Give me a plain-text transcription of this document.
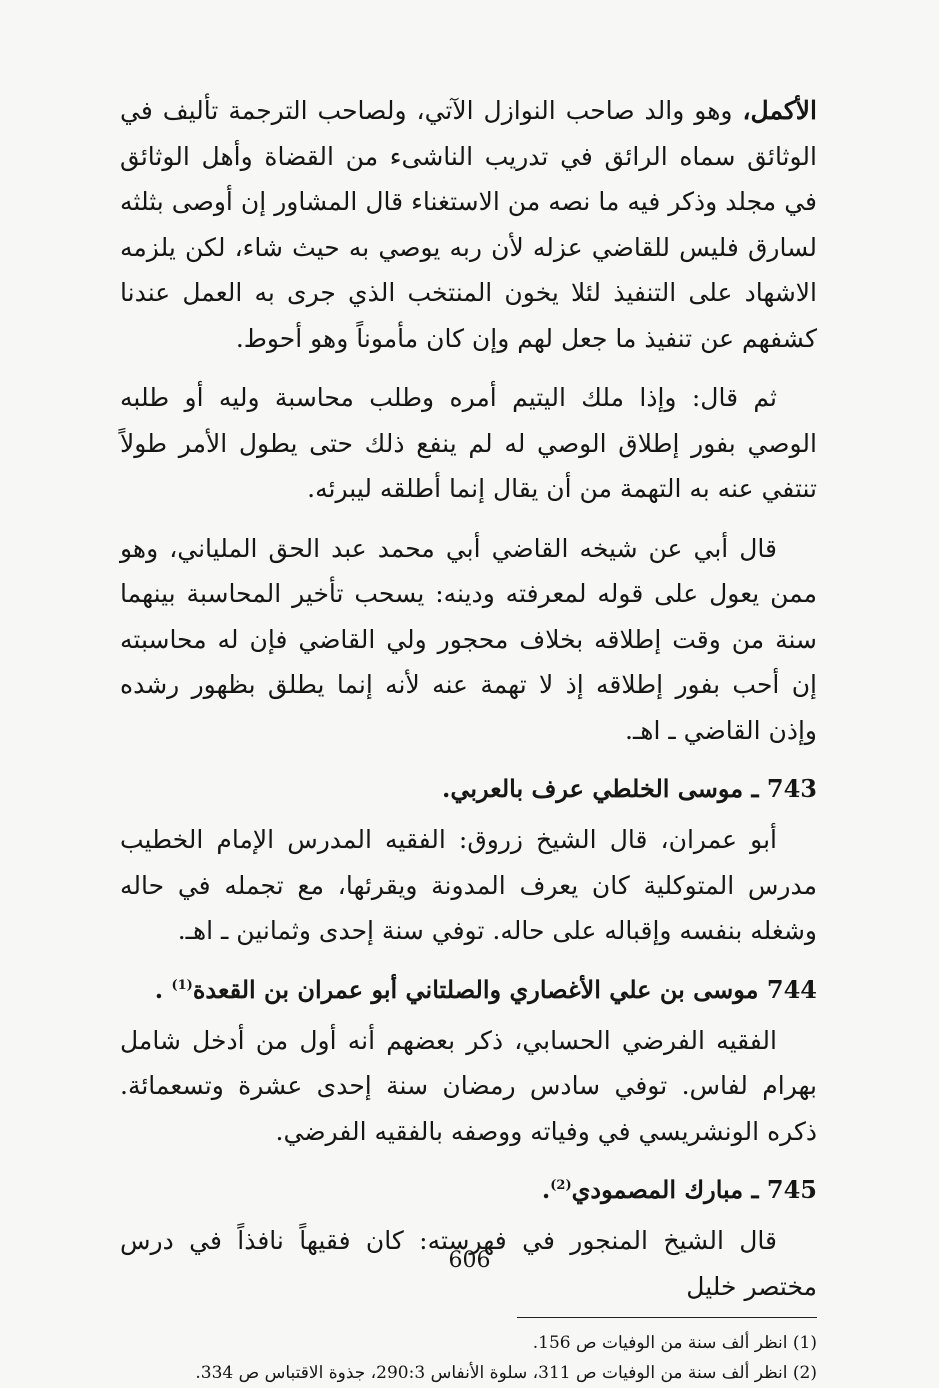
الأكمل، وهو والد صاحب النوازل الآتي، ولصاحب الترجمة تأليف في الوثائق سماه الرائق في تدريب الناشىء من القضاة وأهل الوثائق في مجلد وذكر فيه ما نصه من الاستغناء قال المشاور إن أوصى بثلثه لسارق فليس للقاضي عزله لأن ربه يوصي به حيث شاء، لكن يلزمه الاشهاد على التنفيذ لئلا يخون المنتخب الذي جرى به العمل عندنا كشفهم عن تنفيذ ما جعل لهم وإن كان مأموناً وهو أحوط.

ثم قال: وإذا ملك اليتيم أمره وطلب محاسبة وليه أو طلبه الوصي بفور إطلاق الوصي له لم ينفع ذلك حتى يطول الأمر طولاً تنتفي عنه به التهمة من أن يقال إنما أطلقه ليبرئه.

قال أبي عن شيخه القاضي أبي محمد عبد الحق الملياني، وهو ممن يعول على قوله لمعرفته ودينه: يسحب تأخير المحاسبة بينهما سنة من وقت إطلاقه بخلاف محجور ولي القاضي فإن له محاسبته إن أحب بفور إطلاقه إذ لا تهمة عنه لأنه إنما يطلق بظهور رشده وإذن القاضي ـ اهـ.

743 ـ موسى الخلطي عرف بالعربي.

أبو عمران، قال الشيخ زروق: الفقيه المدرس الإمام الخطيب مدرس المتوكلية كان يعرف المدونة ويقرئها، مع تجمله في حاله وشغله بنفسه وإقباله على حاله. توفي سنة إحدى وثمانين ـ اهـ.

744 موسى بن علي الأغصاري والصلتاني أبو عمران بن القعدة$^{(1)}$ .

الفقيه الفرضي الحسابي، ذكر بعضهم أنه أول من أدخل شامل بهرام لفاس. توفي سادس رمضان سنة إحدى عشرة وتسعمائة. ذكره الونشريسي في وفياته ووصفه بالفقيه الفرضي.

745 ـ مبارك المصمودي$^{(2)}$.

قال الشيخ المنجور في فهرسته: كان فقيهاً نافذاً في درس مختصر خليل

(1) انظر ألف سنة من الوفيات ص 156.
(2) انظر ألف سنة من الوفيات ص 311، سلوة الأنفاس 290:3، جذوة الاقتباس ص 334.
606
